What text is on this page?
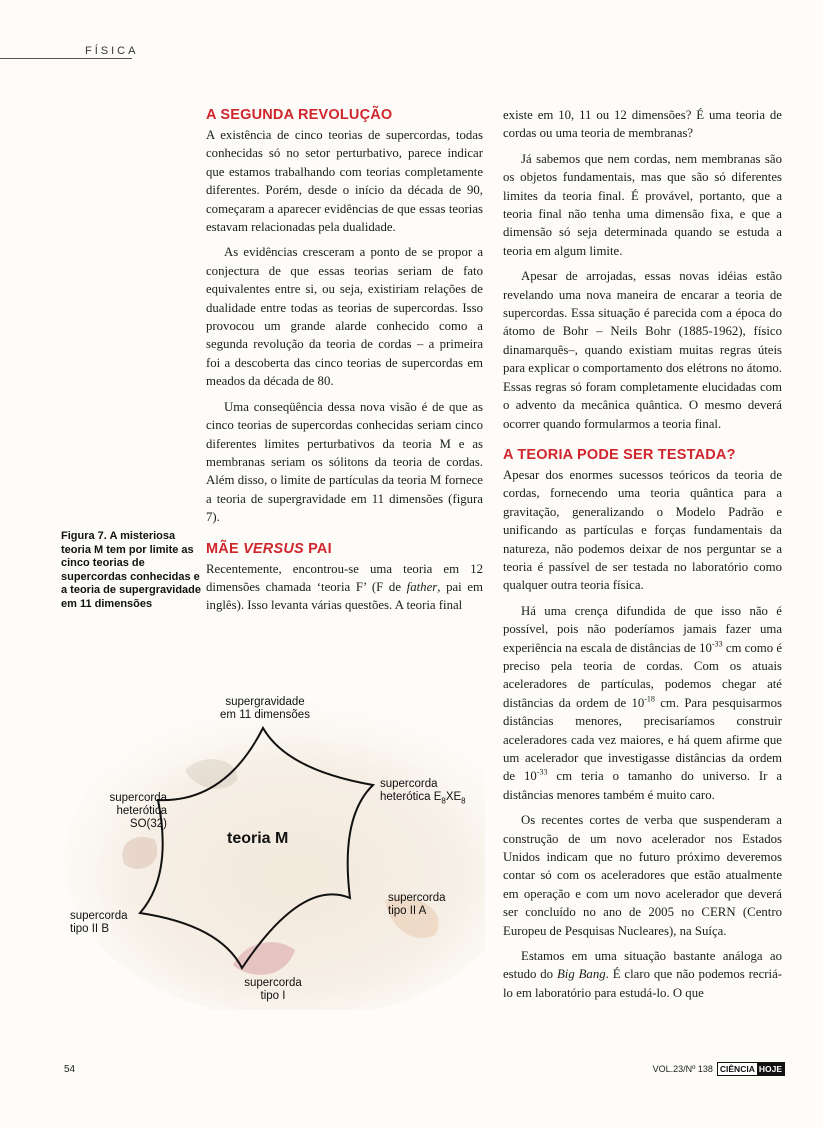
FÍSICA
A SEGUNDA REVOLUÇÃO

A existência de cinco teorias de supercordas, todas conhecidas só no setor perturbativo, parece indicar que estamos trabalhando com teorias completamente diferentes. Porém, desde o início da década de 90, começaram a aparecer evidências de que essas teorias estavam relacionadas pela dualidade.

As evidências cresceram a ponto de se propor a conjectura de que essas teorias seriam de fato equivalentes entre si, ou seja, existiriam relações de dualidade entre todas as teorias de supercordas. Isso provocou um grande alarde conhecido como a segunda revolução da teoria de cordas – a primeira foi a descoberta das cinco teorias de supercordas em meados da década de 80.

Uma conseqüência dessa nova visão é de que as cinco teorias de supercordas conhecidas seriam cinco diferentes limites perturbativos da teoria M e as membranas seriam os sólitons da teoria de cordas. Além disso, o limite de partículas da teoria M fornece a teoria de supergravidade em 11 dimensões (figura 7).

MÃE VERSUS PAI

Recentemente, encontrou-se uma teoria em 12 dimensões chamada ‘teoria F’ (F de father, pai em inglês). Isso levanta várias questões. A teoria final

existe em 10, 11 ou 12 dimensões? É uma teoria de cordas ou uma teoria de membranas?

Já sabemos que nem cordas, nem membranas são os objetos fundamentais, mas que são só diferentes limites da teoria final. É provável, portanto, que a teoria final não tenha uma dimensão fixa, e que a dimensão só seja determinada quando se estuda a teoria em algum limite.

Apesar de arrojadas, essas novas idéias estão revelando uma nova maneira de encarar a teoria de supercordas. Essa situação é parecida com a época do átomo de Bohr – Neils Bohr (1885-1962), físico dinamarquês–, quando existiam muitas regras úteis para explicar o comportamento dos elétrons no átomo. Essas regras só foram completamente elucidadas com o advento da mecânica quântica. O mesmo deverá ocorrer quando formularmos a teoria final.

A TEORIA PODE SER TESTADA?

Apesar dos enormes sucessos teóricos da teoria de cordas, fornecendo uma teoria quântica para a gravitação, generalizando o Modelo Padrão e unificando as partículas e forças fundamentais da natureza, não podemos deixar de nos perguntar se a teoria é passível de ser testada no laboratório como qualquer outra teoria física.

Há uma crença difundida de que isso não é possível, pois não poderíamos jamais fazer uma experiência na escala de distâncias de $10^{-33}$ cm como é preciso pela teoria de cordas. Com os atuais aceleradores de partículas, podemos chegar até distâncias da ordem de $10^{-18}$ cm. Para pesquisarmos distâncias menores, precisaríamos construir aceleradores cada vez maiores, e há quem afirme que um acelerador que investigasse distâncias da ordem de $10^{-33}$ cm teria o tamanho do universo. Ir a distâncias menores também é muito caro.

Os recentes cortes de verba que suspenderam a construção de um novo acelerador nos Estados Unidos indicam que no futuro próximo deveremos contar só com os aceleradores que estão atualmente em operação e com um novo acelerador que deverá ser concluído no ano de 2005 no CERN (Centro Europeu de Pesquisas Nucleares), na Suíça.

Estamos em uma situação bastante análoga ao estudo do Big Bang. É claro que não podemos recriá-lo em laboratório para estudá-lo. O que

Figura 7. A misteriosa teoria M tem por limite as cinco teorias de supercordas conhecidas e a teoria de supergravidade em 11 dimensões
teoria M
supergravidade
em 11 dimensões
supercorda
heterótica $E_8XE_8$
supercorda
heterótica
SO(32)
supercorda
tipo II A
supercorda
tipo II B
supercorda
tipo I
54	VOL.23/Nº 138 CIÊNCIA HOJE
